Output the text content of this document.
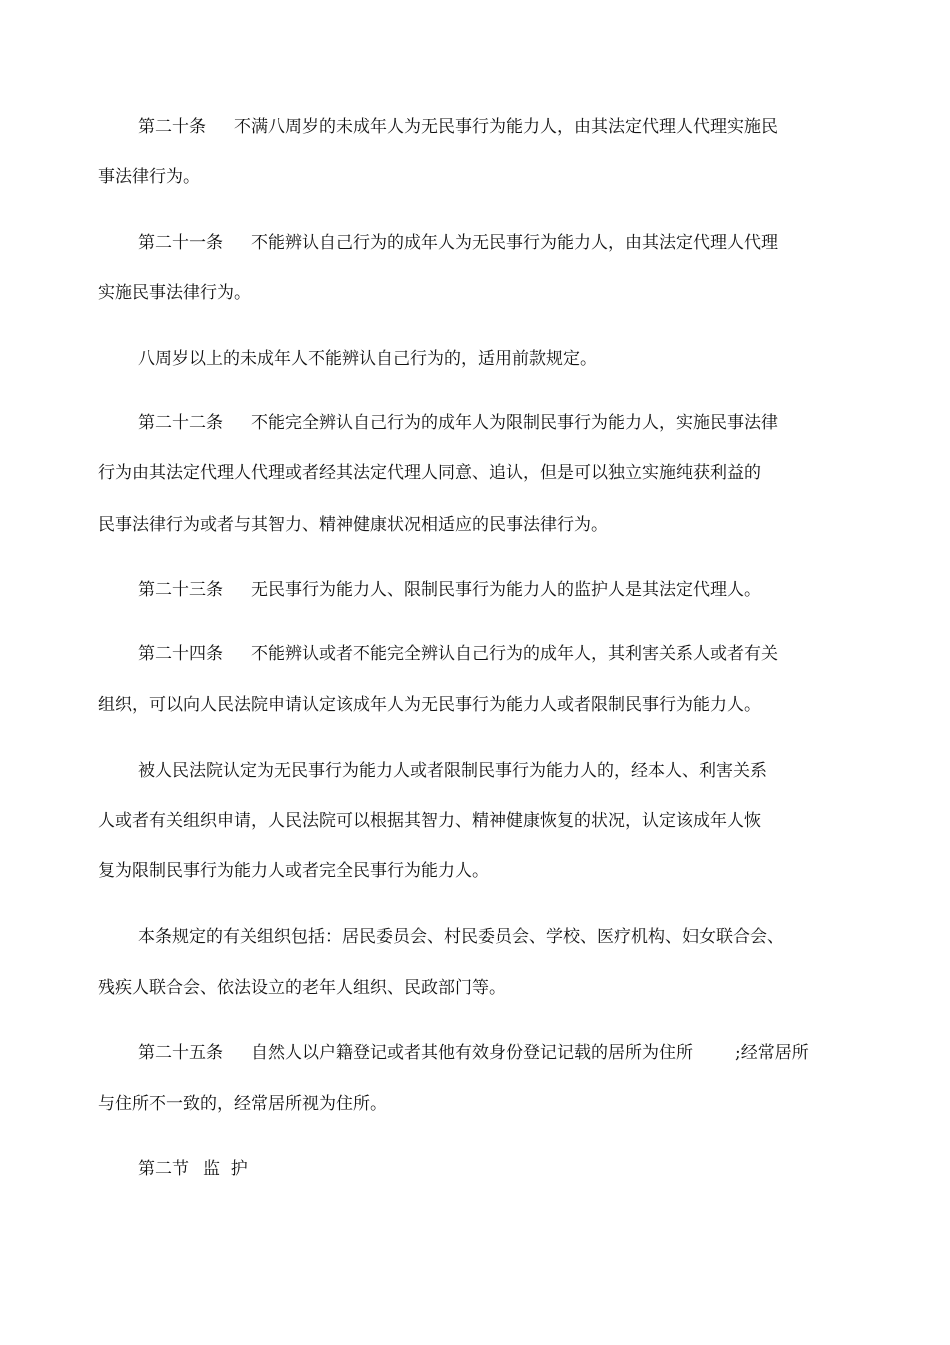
第二十条 不满八周岁的未成年人为无民事行为能力人，由其法定代理人代理实施民
事法律行为。
第二十一条 不能辨认自己行为的成年人为无民事行为能力人，由其法定代理人代理
实施民事法律行为。
八周岁以上的未成年人不能辨认自己行为的，适用前款规定。
第二十二条 不能完全辨认自己行为的成年人为限制民事行为能力人，实施民事法律
行为由其法定代理人代理或者经其法定代理人同意、追认，但是可以独立实施纯获利益的
民事法律行为或者与其智力、精神健康状况相适应的民事法律行为。
第二十三条 无民事行为能力人、限制民事行为能力人的监护人是其法定代理人。
第二十四条 不能辨认或者不能完全辨认自己行为的成年人，其利害关系人或者有关
组织，可以向人民法院申请认定该成年人为无民事行为能力人或者限制民事行为能力人。
被人民法院认定为无民事行为能力人或者限制民事行为能力人的，经本人、利害关系
人或者有关组织申请，人民法院可以根据其智力、精神健康恢复的状况，认定该成年人恢
复为限制民事行为能力人或者完全民事行为能力人。
本条规定的有关组织包括：居民委员会、村民委员会、学校、医疗机构、妇女联合会、
残疾人联合会、依法设立的老年人组织、民政部门等。
第二十五条 自然人以户籍登记或者其他有效身份登记记载的居所为住所 ;经常居所
与住所不一致的，经常居所视为住所。
第二节 监  护
